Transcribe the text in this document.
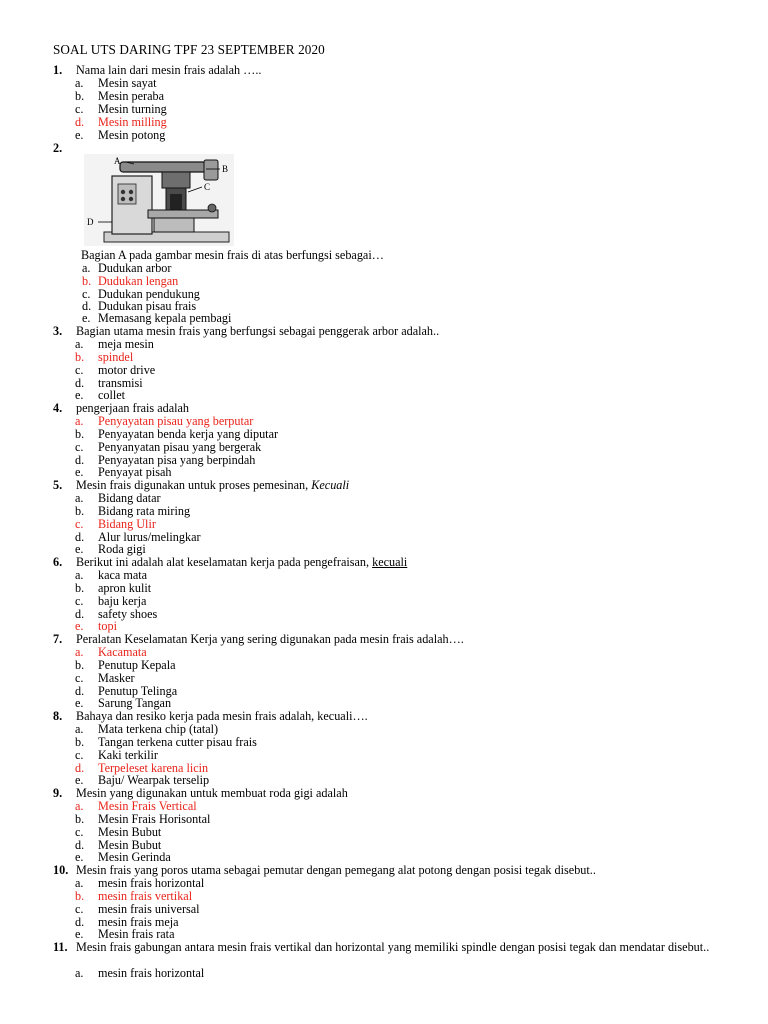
SOAL UTS DARING TPF 23 SEPTEMBER 2020
1. Nama lain dari mesin frais adalah …..
a. Mesin sayat
b. Mesin peraba
c. Mesin turning
d. Mesin milling
e. Mesin potong
2.
A
B
C
D
Bagian A pada gambar mesin frais di atas berfungsi sebagai…
a. Dudukan arbor
b. Dudukan lengan
c. Dudukan pendukung
d. Dudukan pisau frais
e. Memasang kepala pembagi
3. Bagian utama mesin frais yang berfungsi sebagai penggerak arbor adalah..
a. meja mesin
b. spindel
c. motor drive
d. transmisi
e. collet
4. pengerjaan frais adalah
a. Penyayatan pisau yang berputar
b. Penyayatan benda kerja yang diputar
c. Penyanyatan pisau yang bergerak
d. Penyayatan pisa yang berpindah
e. Penyayat pisah
5. Mesin frais digunakan untuk proses pemesinan, Kecuali
a. Bidang datar
b. Bidang rata miring
c. Bidang Ulir
d. Alur lurus/melingkar
e. Roda gigi
6. Berikut ini adalah alat keselamatan kerja pada pengefraisan, kecuali
a. kaca mata
b. apron kulit
c. baju kerja
d. safety shoes
e. topi
7. Peralatan Keselamatan Kerja yang sering digunakan pada mesin frais adalah….
a. Kacamata
b. Penutup Kepala
c. Masker
d. Penutup Telinga
e. Sarung Tangan
8. Bahaya dan resiko kerja pada mesin frais adalah, kecuali….
a. Mata terkena chip (tatal)
b. Tangan terkena cutter pisau frais
c. Kaki terkilir
d. Terpeleset karena licin
e. Baju/ Wearpak terselip
9. Mesin yang digunakan untuk membuat roda gigi adalah
a. Mesin Frais Vertical
b. Mesin Frais Horisontal
c. Mesin Bubut
d. Mesin Bubut
e. Mesin Gerinda
10. Mesin frais yang poros utama sebagai pemutar dengan pemegang alat potong dengan posisi tegak disebut..
a. mesin frais horizontal
b. mesin frais vertikal
c. mesin frais universal
d. mesin frais meja
e. Mesin frais rata
11. Mesin frais gabungan antara mesin frais vertikal dan horizontal yang memiliki spindle dengan posisi tegak dan mendatar disebut..
a. mesin frais horizontal
